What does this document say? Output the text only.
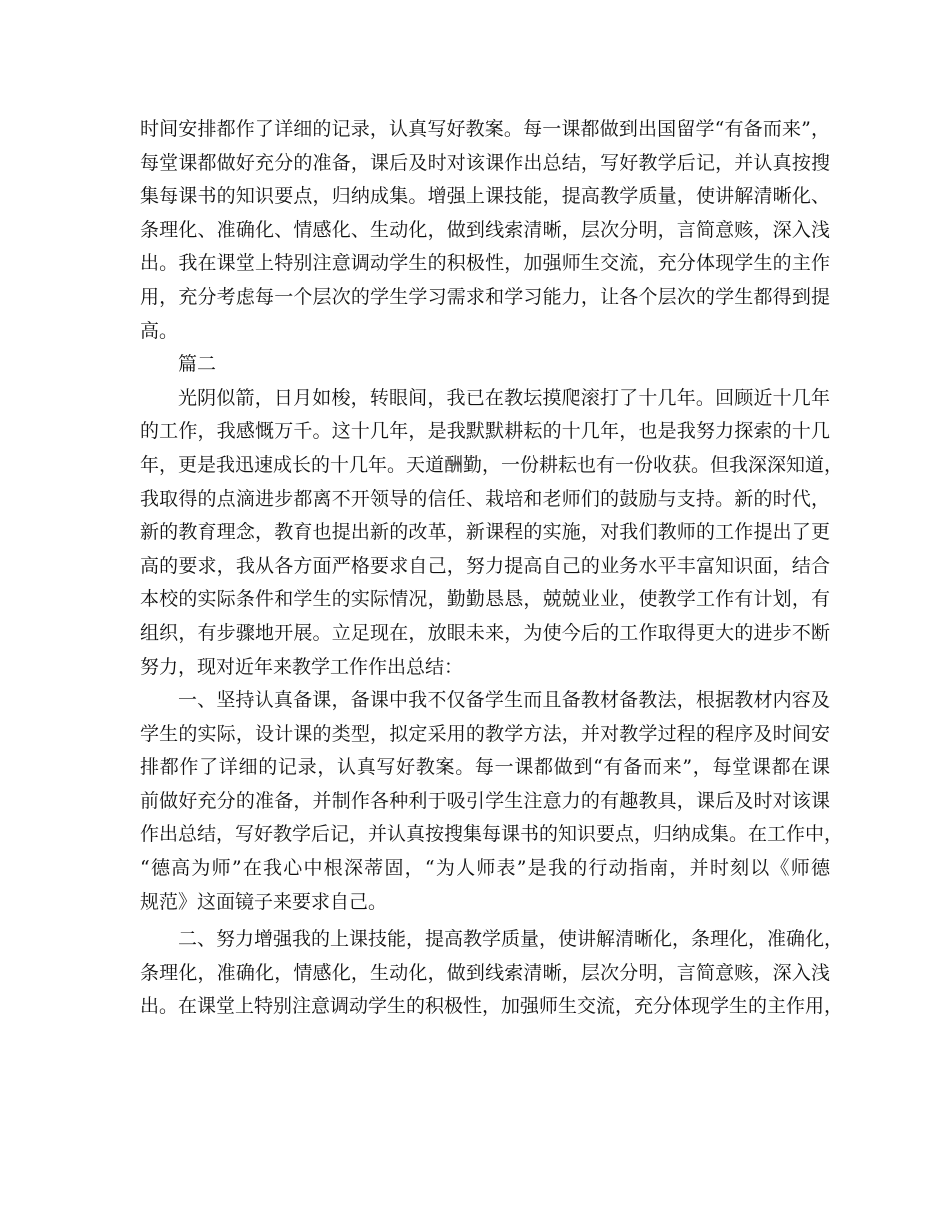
时间安排都作了详细的记录，认真写好教案。每一课都做到出国留学“有备而来”，
每堂课都做好充分的准备，课后及时对该课作出总结，写好教学后记，并认真按搜
集每课书的知识要点，归纳成集。增强上课技能，提高教学质量，使讲解清晰化、
条理化、准确化、情感化、生动化，做到线索清晰，层次分明，言简意赅，深入浅
出。我在课堂上特别注意调动学生的积极性，加强师生交流，充分体现学生的主作
用，充分考虑每一个层次的学生学习需求和学习能力，让各个层次的学生都得到提
高。
篇二
光阴似箭，日月如梭，转眼间，我已在教坛摸爬滚打了十几年。回顾近十几年
的工作，我感慨万千。这十几年，是我默默耕耘的十几年，也是我努力探索的十几
年，更是我迅速成长的十几年。天道酬勤，一份耕耘也有一份收获。但我深深知道，
我取得的点滴进步都离不开领导的信任、栽培和老师们的鼓励与支持。新的时代，
新的教育理念，教育也提出新的改革，新课程的实施，对我们教师的工作提出了更
高的要求，我从各方面严格要求自己，努力提高自己的业务水平丰富知识面，结合
本校的实际条件和学生的实际情况，勤勤恳恳，兢兢业业，使教学工作有计划，有
组织，有步骤地开展。立足现在，放眼未来，为使今后的工作取得更大的进步不断
努力，现对近年来教学工作作出总结：
一、坚持认真备课，备课中我不仅备学生而且备教材备教法，根据教材内容及
学生的实际，设计课的类型，拟定采用的教学方法，并对教学过程的程序及时间安
排都作了详细的记录，认真写好教案。每一课都做到“有备而来”，每堂课都在课
前做好充分的准备，并制作各种利于吸引学生注意力的有趣教具，课后及时对该课
作出总结，写好教学后记，并认真按搜集每课书的知识要点，归纳成集。在工作中，
“德高为师”在我心中根深蒂固，“为人师表”是我的行动指南，并时刻以《师德
规范》这面镜子来要求自己。
二、努力增强我的上课技能，提高教学质量，使讲解清晰化，条理化，准确化，
条理化，准确化，情感化，生动化，做到线索清晰，层次分明，言简意赅，深入浅
出。在课堂上特别注意调动学生的积极性，加强师生交流，充分体现学生的主作用，
